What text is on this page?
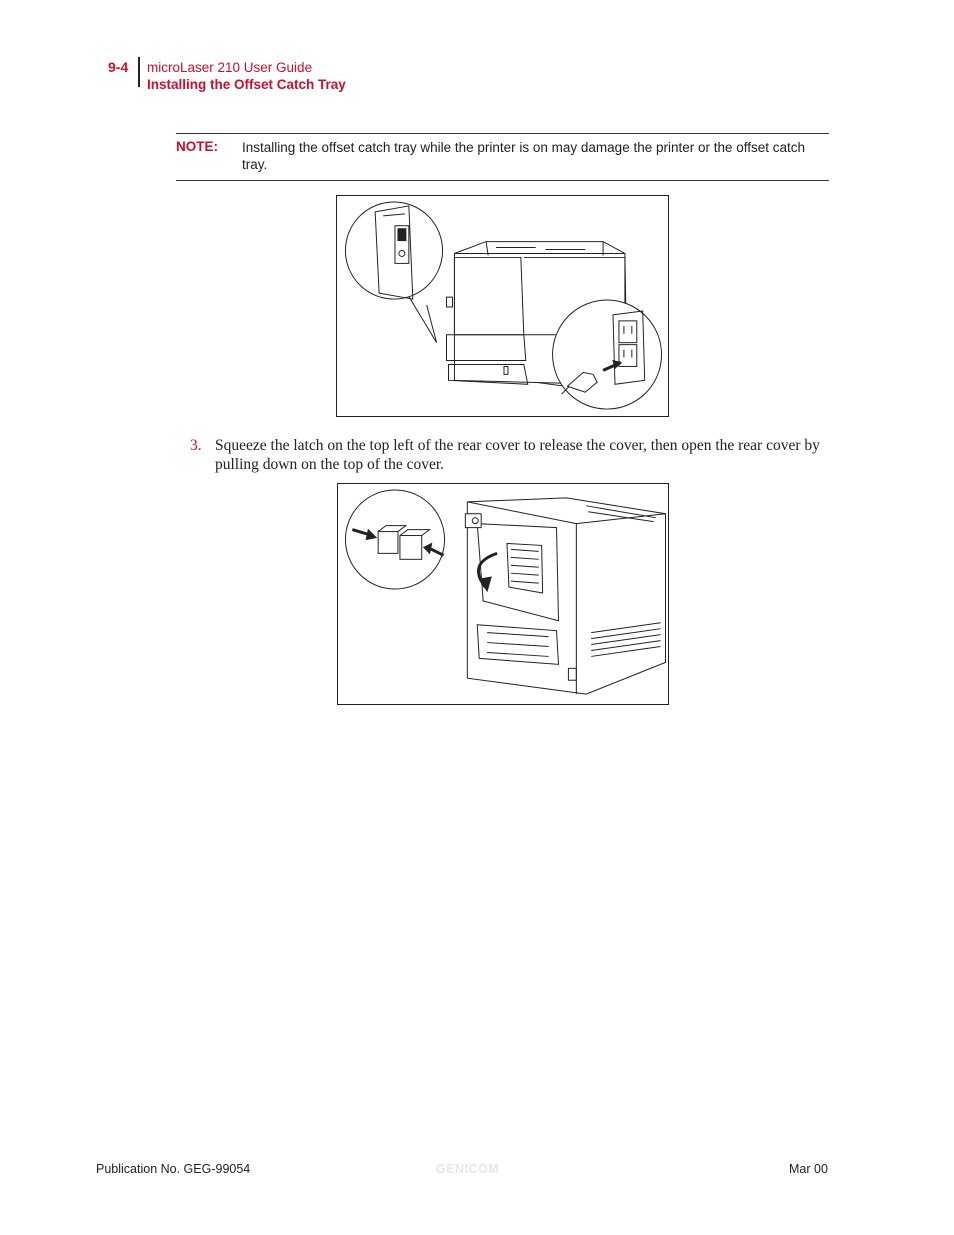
9-4 microLaser 210 User Guide
Installing the Offset Catch Tray
NOTE: Installing the offset catch tray while the printer is on may damage the printer or the offset catch tray.
3. Squeeze the latch on the top left of the rear cover to release the cover, then open the rear cover by pulling down on the top of the cover.
Publication No. GEG-99054	GENICOM	Mar 00
